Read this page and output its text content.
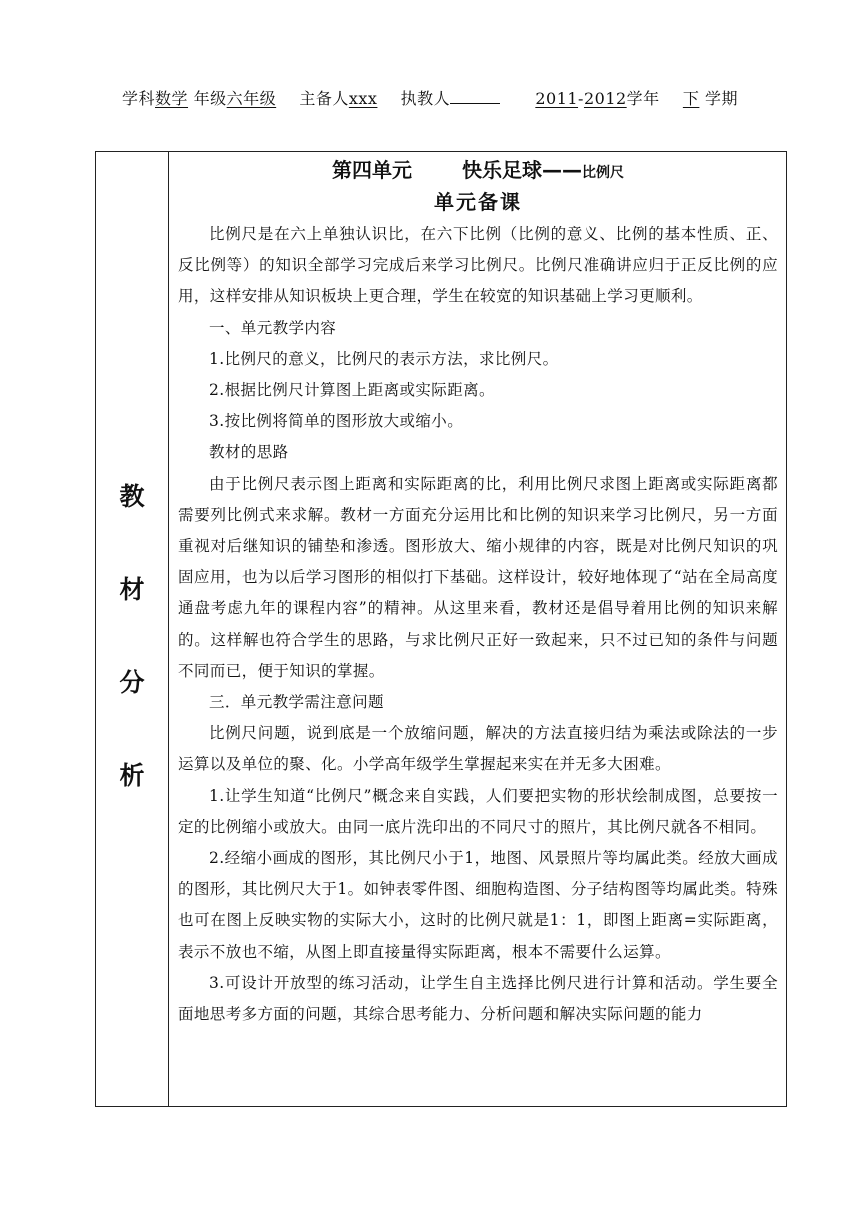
学科数学 年级六年级 主备人xxx 执教人	2011-2012学年 下 学期
教
材
分
析

第四单元	快乐足球——比例尺
单元备课

比例尺是在六上单独认识比，在六下比例（比例的意义、比例的基本性质、正、反比例等）的知识全部学习完成后来学习比例尺。比例尺准确讲应归于正反比例的应用，这样安排从知识板块上更合理，学生在较宽的知识基础上学习更顺利。

一、单元教学内容

1.比例尺的意义，比例尺的表示方法，求比例尺。

2.根据比例尺计算图上距离或实际距离。

3.按比例将简单的图形放大或缩小。

教材的思路

由于比例尺表示图上距离和实际距离的比，利用比例尺求图上距离或实际距离都需要列比例式来求解。教材一方面充分运用比和比例的知识来学习比例尺，另一方面重视对后继知识的铺垫和渗透。图形放大、缩小规律的内容，既是对比例尺知识的巩固应用，也为以后学习图形的相似打下基础。这样设计，较好地体现了“站在全局高度通盘考虑九年的课程内容”的精神。从这里来看，教材还是倡导着用比例的知识来解的。这样解也符合学生的思路，与求比例尺正好一致起来，只不过已知的条件与问题不同而已，便于知识的掌握。

三．单元教学需注意问题

比例尺问题，说到底是一个放缩问题，解决的方法直接归结为乘法或除法的一步运算以及单位的聚、化。小学高年级学生掌握起来实在并无多大困难。

1.让学生知道“比例尺”概念来自实践，人们要把实物的形状绘制成图，总要按一定的比例缩小或放大。由同一底片洗印出的不同尺寸的照片，其比例尺就各不相同。

2.经缩小画成的图形，其比例尺小于1，地图、风景照片等均属此类。经放大画成的图形，其比例尺大于1。如钟表零件图、细胞构造图、分子结构图等均属此类。特殊也可在图上反映实物的实际大小，这时的比例尺就是1：1，即图上距离=实际距离，表示不放也不缩，从图上即直接量得实际距离，根本不需要什么运算。

3.可设计开放型的练习活动，让学生自主选择比例尺进行计算和活动。学生要全面地思考多方面的问题，其综合思考能力、分析问题和解决实际问题的能力
